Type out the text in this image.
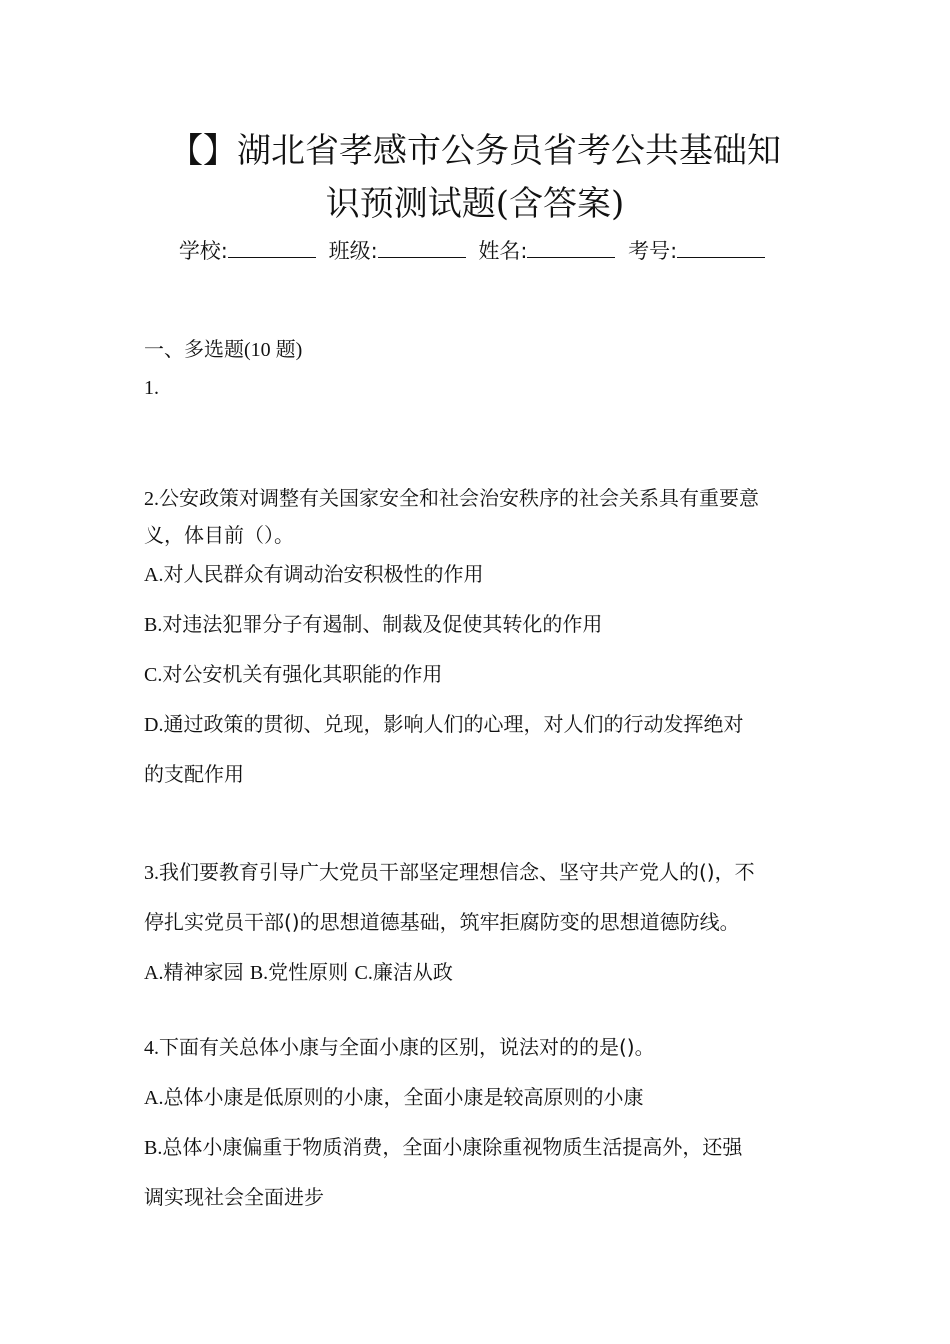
【】湖北省孝感市公务员省考公共基础知
识预测试题(含答案)
学校:	班级:	姓名:	考号:
一、多选题(10 题)
1.
2.公安政策对调整有关国家安全和社会治安秩序的社会关系具有重要意
义，体目前（）。
A.对人民群众有调动治安积极性的作用
B.对违法犯罪分子有遏制、制裁及促使其转化的作用
C.对公安机关有强化其职能的作用
D.通过政策的贯彻、兑现，影响人们的心理，对人们的行动发挥绝对
的支配作用
3.我们要教育引导广大党员干部坚定理想信念、坚守共产党人的()，不
停扎实党员干部()的思想道德基础，筑牢拒腐防变的思想道德防线。
A.精神家园 B.党性原则 C.廉洁从政
4.下面有关总体小康与全面小康的区别，说法对的的是()。
A.总体小康是低原则的小康，全面小康是较高原则的小康
B.总体小康偏重于物质消费，全面小康除重视物质生活提高外，还强
调实现社会全面进步
